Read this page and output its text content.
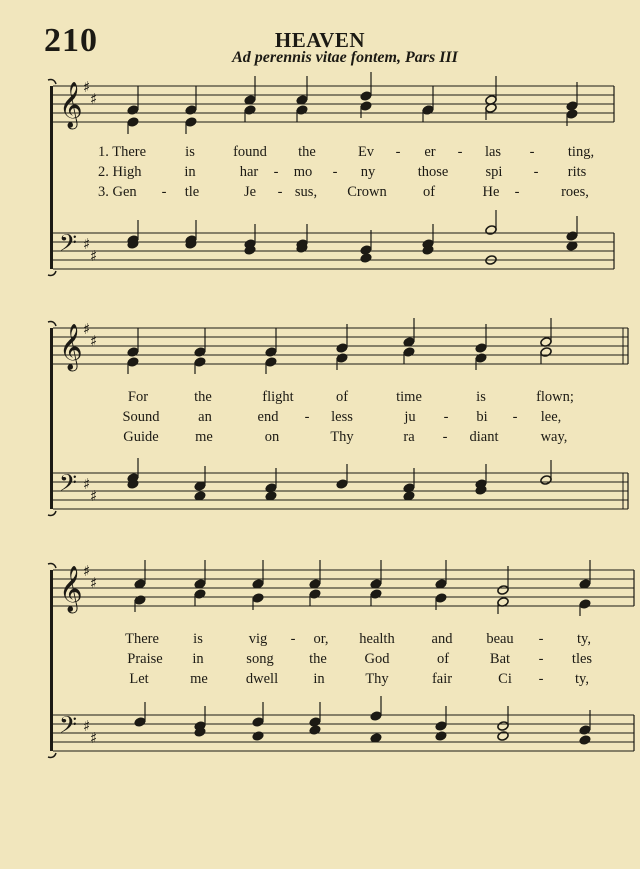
210	HEAVEN
Ad perennis vitae fontem, Pars III
𝄞
𝄢
♯
♯
♯
♯
𝄞
𝄢
♯
♯
♯
♯
𝄞
𝄢
♯
♯
♯
♯
1. There	is	found the	Ev - er - las - ting,
2. High	in	har - mo - ny	those	spi - rits
3. Gen - tle	Je - sus, Crown of	He -	roes,
For	the	flight	of	time	is	flown;
Sound	an	end - less	ju - bi - lee,
Guide	me	on	Thy	ra - diant	way,
There is	vig - or, health	and beau - ty,
Praise in	song the	God	of	Bat - tles
Let	me	dwell in	Thy	fair	Ci - ty,
